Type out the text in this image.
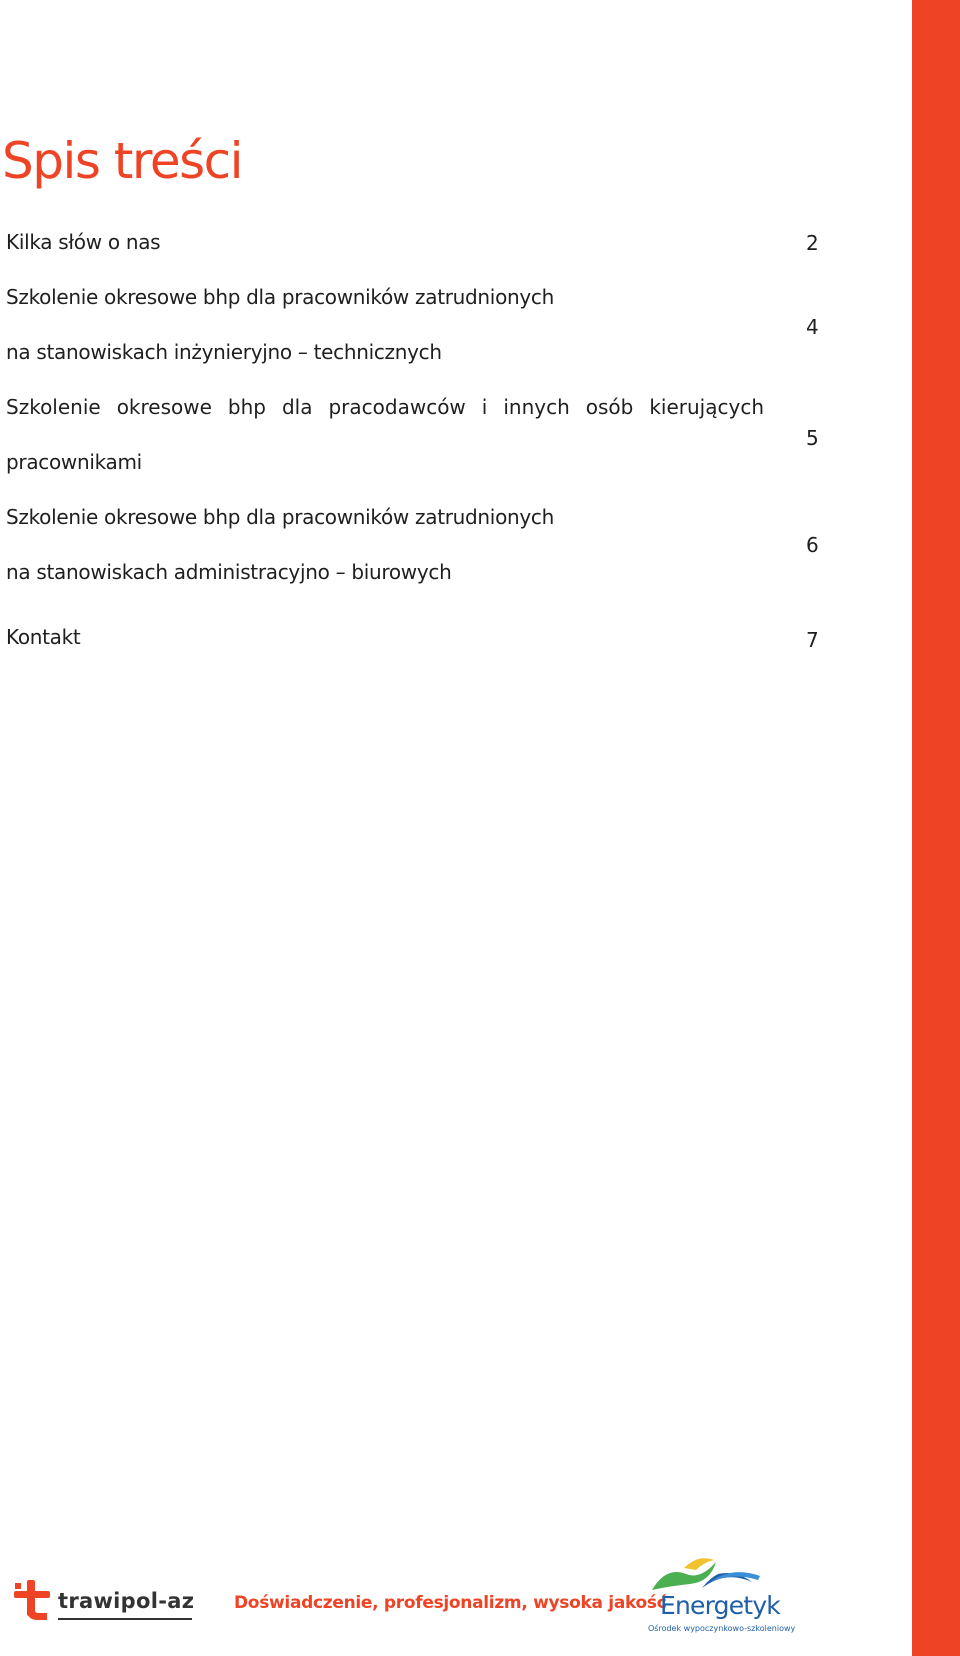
Spis treści
Kilka słów o nas	2
Szkolenie okresowe bhp dla pracowników zatrudnionych
na stanowiskach inżynieryjno – technicznych
4
Szkolenie okresowe bhp dla pracodawców i innych osób kierujących
pracownikami
5
Szkolenie okresowe bhp dla pracowników zatrudnionych
na stanowiskach administracyjno – biurowych
6
Kontakt	7
trawipol-az Doświadczenie, profesjonalizm, wysoka jakość
Energetyk
Ośrodek wypoczynkowo-szkoleniowy
